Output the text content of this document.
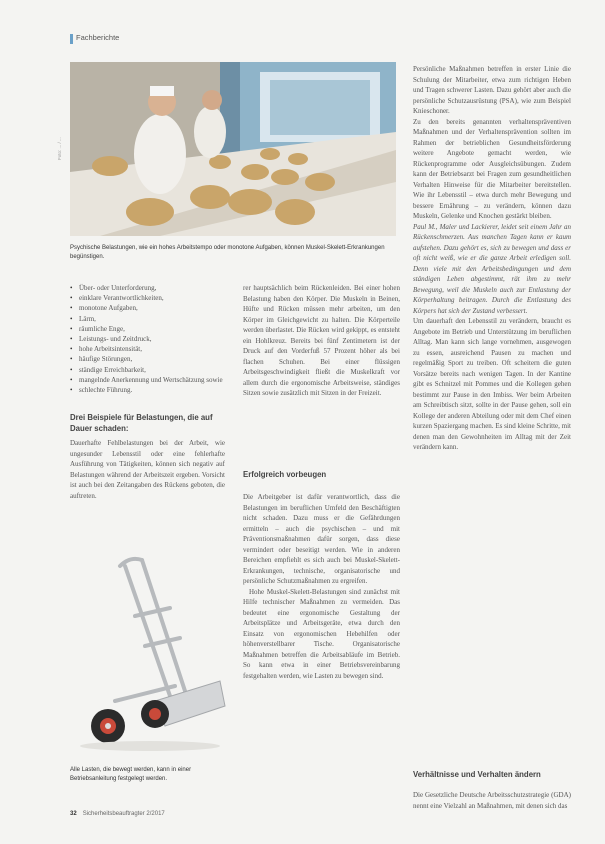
Fachberichte
Foto: ... / ...
Psychische Belastungen, wie ein hohes Arbeitstempo oder monotone Aufgaben, können Muskel-Skelett-Erkrankungen begünstigen.
• Über- oder Unterforderung,
• einklare Verantwortlichkeiten,
• monotone Aufgaben,
• Lärm,
• räumliche Enge,
• Leistungs- und Zeitdruck,
• hohe Arbeitsintensität,
• häufige Störungen,
• ständige Erreichbarkeit,
• mangelnde Anerkennung und Wertschätzung sowie
• schlechte Führung.
Drei Beispiele für Belastungen, die auf Dauer schaden:

Dauerhafte Fehlbelastungen bei der Arbeit, wie ungesunder Lebensstil oder eine fehlerhafte Ausführung von Tätigkeiten, können sich negativ auf Belastungen während der Arbeitszeit ergeben. Vorsicht ist auch bei den Zeitangaben des Rückens geboten, die auftreten.

Alle Lasten, die bewegt werden, kann in einer Betriebsanleitung festgelegt werden.

rer hauptsächlich beim Rückenleiden. Bei einer hohen Belastung haben den Körper. Die Muskeln in Beinen, Hüfte und Rücken müssen mehr arbeiten, um den Körper im Gleichgewicht zu halten. Die Körperteile werden überlastet. Die Rücken wird gekippt, es entsteht ein Hohlkreuz. Bereits bei fünf Zentimetern ist der Druck auf den Vorderfuß 57 Prozent höher als bei flachen Schuhen. Bei einer flüssigen Arbeitsgeschwindigkeit fließt die Muskelkraft vor allem durch die ergonomische Arbeitsweise, ständiges Sitzen sowie zusätzlich mit Sitzen in der Freizeit.

Erfolgreich vorbeugen

Die Arbeitgeber ist dafür verantwortlich, dass die Belastungen im beruflichen Umfeld den Beschäftigten nicht schaden. Dazu muss er die Gefährdungen ermitteln – auch die psychischen – und mit Präventionsmaßnahmen dafür sorgen, dass diese vermindert oder beseitigt werden. Wie in anderen Bereichen empfiehlt es sich auch bei Muskel-Skelett-Erkrankungen, technische, organisatorische und persönliche Schutzmaßnahmen zu ergreifen.

Hohe Muskel-Skelett-Belastungen sind zunächst mit Hilfe technischer Maßnahmen zu vermeiden. Das bedeutet eine ergonomische Gestaltung der Arbeitsplätze und Arbeitsgeräte, etwa durch den Einsatz von ergonomischen Hebehilfen oder höhenverstellbarer Tische. Organisatorische Maßnahmen betreffen die Arbeitsabläufe im Betrieb. So kann etwa in einer Betriebsvereinbarung festgehalten werden, wie Lasten zu bewegen sind.

Persönliche Maßnahmen betreffen in erster Linie die Schulung der Mitarbeiter, etwa zum richtigen Heben und Tragen schwerer Lasten. Dazu gehört aber auch die persönliche Schutzausrüstung (PSA), wie zum Beispiel Knieschoner.

Zu den bereits genannten verhaltenspräventiven Maßnahmen und der Verhaltensprävention sollten im Rahmen der betrieblichen Gesundheitsförderung weitere Angebote gemacht werden, wie Rückenprogramme oder Ausgleichsübungen. Zudem kann der Betriebsarzt bei Fragen zum gesundheitlichen Verhalten Hinweise für die Mitarbeiter bereitstellen. Wie ihr Lebensstil – etwa durch mehr Bewegung und bessere Ernährung – zu verändern, können dazu Muskeln, Gelenke und Knochen gestärkt bleiben.

Paul M., Maler und Lackierer, leidet seit einem Jahr an Rückenschmerzen. Aus manchen Tagen kann er kaum aufstehen. Dazu gehört es, sich zu bewegen und dass er oft nicht weiß, wie er die ganze Arbeit erledigen soll. Denn viele mit den Arbeitsbedingungen und dem ständigen Leben abgestimmt, rät ihm zu mehr Bewegung, weil die Muskeln auch zur Entlastung der Körperhaltung beitragen. Durch die Entlastung des Körpers hat sich der Zustand verbessert.

Um dauerhaft den Lebensstil zu verändern, braucht es Angebote im Betrieb und Unterstützung im beruflichen Alltag. Man kann sich lange vornehmen, ausgewogen zu essen, ausreichend Pausen zu machen und regelmäßig Sport zu treiben. Oft scheitern die guten Vorsätze bereits nach wenigen Tagen. In der Kantine gibt es Schnitzel mit Pommes und die Kollegen gehen bestimmt zur Pause in den Imbiss. Wer beim Arbeiten am Schreibtisch sitzt, sollte in der Pause gehen, soll ein Kollege der anderen Abteilung oder mit dem Chef einen kurzen Spaziergang machen. Es sind kleine Schritte, mit denen man den Gewohnheiten im Alltag mit der Zeit verändern kann.

Verhältnisse und Verhalten ändern

Die Gesetzliche Deutsche Arbeitsschutzstrategie (GDA) nennt eine Vielzahl an Maßnahmen, mit denen sich das

32 Sicherheitsbeauftragter 2/2017
